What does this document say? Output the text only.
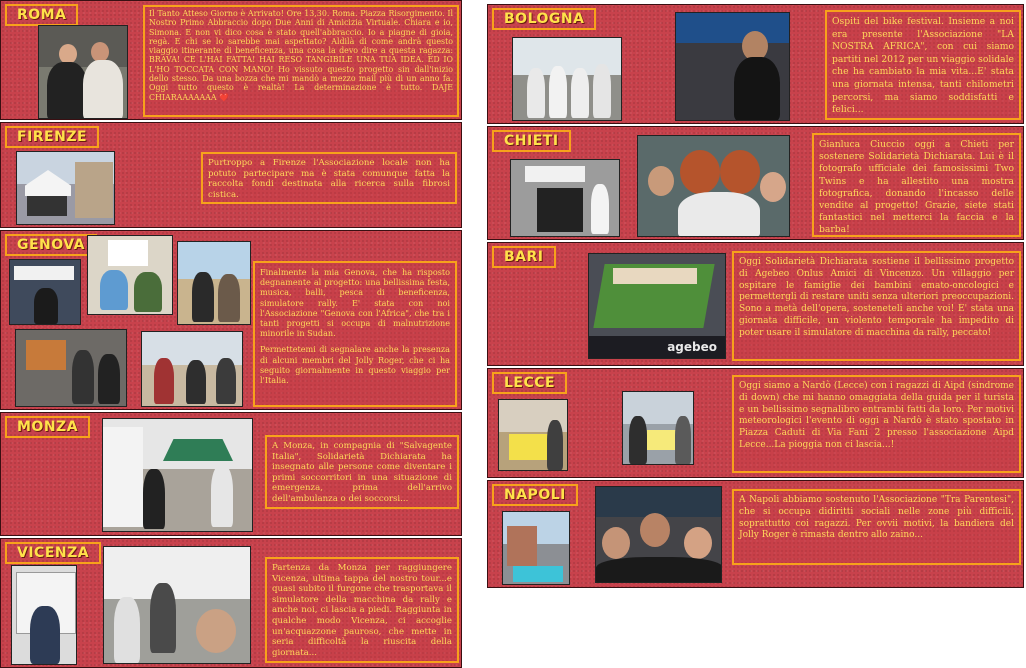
ROMA	Il Tanto Atteso Giorno è Arrivato! Ore 13,30. Roma. Piazza Risorgimento. Il Nostro Primo Abbraccio dopo Due Anni di Amicizia Virtuale. Chiara e io, Simona. E non vi dico cosa è stato quell'abbraccio. Io a piagne di gioia, regà. E chi se lo sarebbe mai aspettato? Aldilà di come andrà questo viaggio itinerante di beneficenza, una cosa la devo dire a questa ragazza: BRAVA! CE L'HAI FATTA! HAI RESO TANGIBILE UNA TUA IDEA. ED IO L'HO TOCCATA CON MANO! Ho vissuto questo progetto sin dall'inizio dello stesso. Da una bozza che mi mandò a mezzo mail più di un anno fa. Oggi tutto questo è realtà! La determinazione è tutto. DAJE CHIARAAAAAAA ❤️
FIRENZE
Purtroppo a Firenze l'Associazione locale non ha potuto partecipare ma è stata comunque fatta la raccolta fondi destinata alla ricerca sulla fibrosi cistica.
GENOVA

Finalmente la mia Genova, che ha risposto degnamente al progetto: una bellissima festa, musica, balli, pesca di beneficenza, simulatore rally. E' stata con noi l'Associazione "Genova con l'Africa", che tra i tanti progetti si occupa di malnutrizione minorile in Sudan.

Permettetemi di segnalare anche la presenza di alcuni membri del Jolly Roger, che ci ha seguito giornalmente in questo viaggio per l'Italia.

MONZA
A Monza, in compagnia di "Salvagente Italia", Solidarietà Dichiarata ha insegnato alle persone come diventare i primi soccorritori in una situazione di emergenza, prima dell'arrivo dell'ambulanza o dei soccorsi...
VICENZA
Partenza da Monza per raggiungere Vicenza, ultima tappa del nostro tour...e quasi subito il furgone che trasportava il simulatore della macchina da rally e anche noi, ci lascia a piedi. Raggiunta in qualche modo Vicenza, ci accoglie un'acquazzone pauroso, che mette in seria difficoltà la riuscita della giornata...
BOLOGNA	Ospiti del bike festival. Insieme a noi era presente l'Associazione "LA NOSTRA AFRICA", con cui siamo partiti nel 2012 per un viaggio solidale che ha cambiato la mia vita...E' stata una giornata intensa, tanti chilometri percorsi, ma siamo soddisfatti e felici...
CHIETI	Gianluca Ciuccio oggi a Chieti per sostenere Solidarietà Dichiarata. Lui è il fotografo ufficiale dei famosissimi Two Twins e ha allestito una mostra fotografica, donando l'incasso delle vendite al progetto! Grazie, siete stati fantastici nel metterci la faccia e la barba!
BARI
agebeo
Oggi Solidarietà Dichiarata sostiene il bellissimo progetto di Agebeo Onlus Amici di Vincenzo. Un villaggio per ospitare le famiglie dei bambini emato-oncologici e permettergli di restare uniti senza ulteriori preoccupazioni. Sono a metà dell'opera, sosteneteli anche voi! E' stata una giornata difficile, un violento temporale ha impedito di poter usare il simulatore di macchina da rally, peccato!
LECCE	Oggi siamo a Nardò (Lecce) con i ragazzi di Aipd (sindrome di down) che mi hanno omaggiata della guida per il turista e un bellissimo segnalibro entrambi fatti da loro. Per motivi meteorologici l'evento di oggi a Nardò è stato spostato in Piazza Caduti di Via Fani 2 presso l'associazione Aipd Lecce...La pioggia non ci lascia...!
NAPOLI	A Napoli abbiamo sostenuto l'Associazione "Tra Parentesi", che si occupa didiritti sociali nelle zone più difficili, soprattutto coi ragazzi. Per ovvii motivi, la bandiera del Jolly Roger è rimasta dentro allo zaino...
